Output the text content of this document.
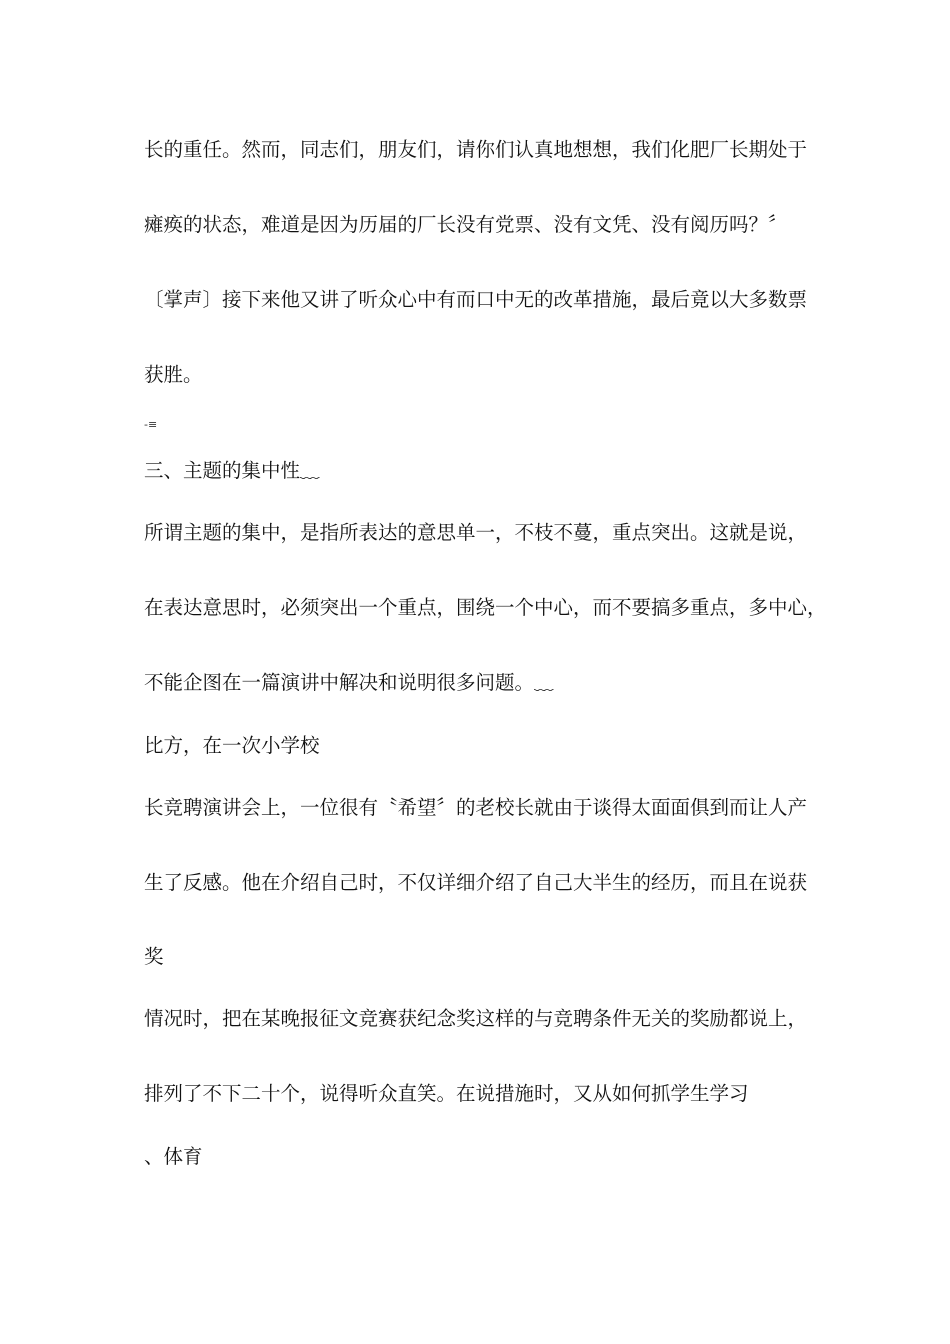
长的重任。然而，同志们，朋友们，请你们认真地想想，我们化肥厂长期处于
瘫痪的状态，难道是因为历届的厂长没有党票、没有文凭、没有阅历吗？〞
〔掌声〕接下来他又讲了听众心中有而口中无的改革措施，最后竟以大多数票
获胜。
-≡
三、主题的集中性﹏
所谓主题的集中，是指所表达的意思单一，不枝不蔓，重点突出。这就是说，
在表达意思时，必须突出一个重点，围绕一个中心，而不要搞多重点，多中心，
不能企图在一篇演讲中解决和说明很多问题。﹏
比方，在一次小学校
长竞聘演讲会上，一位很有〝希望〞的老校长就由于谈得太面面俱到而让人产
生了反感。他在介绍自己时，不仅详细介绍了自己大半生的经历，而且在说获
奖
情况时，把在某晚报征文竞赛获纪念奖这样的与竞聘条件无关的奖励都说上，
排列了不下二十个，说得听众直笑。在说措施时，又从如何抓学生学习
、体育
